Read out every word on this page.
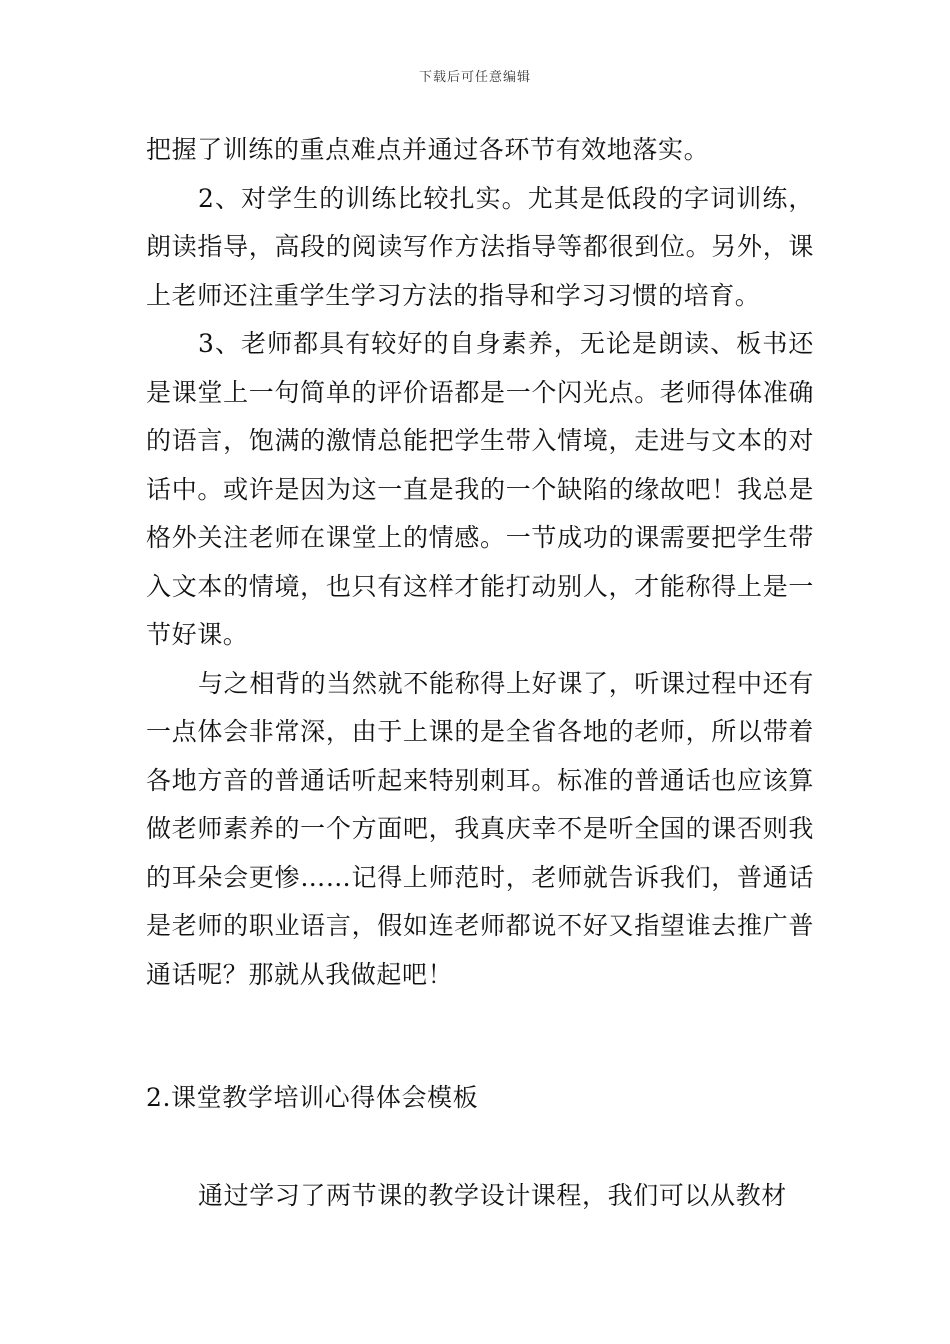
下载后可任意编辑

把握了训练的重点难点并通过各环节有效地落实。

2、对学生的训练比较扎实。尤其是低段的字词训练，朗读指导，高段的阅读写作方法指导等都很到位。另外，课上老师还注重学生学习方法的指导和学习习惯的培育。

3、老师都具有较好的自身素养，无论是朗读、板书还是课堂上一句简单的评价语都是一个闪光点。老师得体准确的语言，饱满的激情总能把学生带入情境，走进与文本的对话中。或许是因为这一直是我的一个缺陷的缘故吧！我总是格外关注老师在课堂上的情感。一节成功的课需要把学生带入文本的情境，也只有这样才能打动别人，才能称得上是一节好课。

与之相背的当然就不能称得上好课了，听课过程中还有一点体会非常深，由于上课的是全省各地的老师，所以带着各地方音的普通话听起来特别刺耳。标准的普通话也应该算做老师素养的一个方面吧，我真庆幸不是听全国的课否则我的耳朵会更惨……记得上师范时，老师就告诉我们，普通话是老师的职业语言，假如连老师都说不好又指望谁去推广普通话呢？那就从我做起吧！

2.课堂教学培训心得体会模板

通过学习了两节课的教学设计课程，我们可以从教材
